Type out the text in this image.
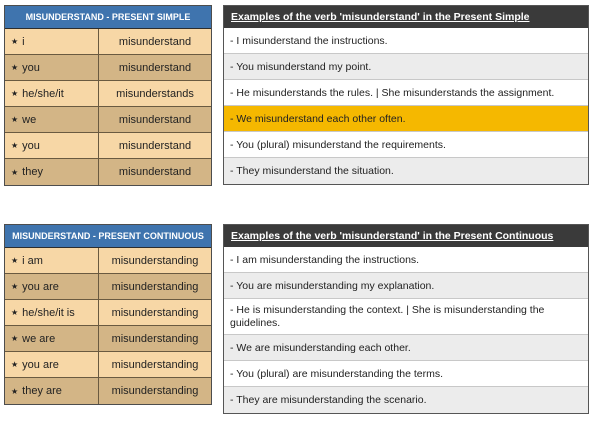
MISUNDERSTAND - PRESENT SIMPLE
★ i	misunderstand
★ you	misunderstand
★ he/she/it	misunderstands
★ we	misunderstand
★ you	misunderstand
★ they	misunderstand
Examples of the verb 'misunderstand' in the Present Simple
- I misunderstand the instructions.
- You misunderstand my point.
- He misunderstands the rules. | She misunderstands the assignment.
- We misunderstand each other often.
- You (plural) misunderstand the requirements.
- They misunderstand the situation.
MISUNDERSTAND - PRESENT CONTINUOUS
★ i am	misunderstanding
★ you are	misunderstanding
★ he/she/it is	misunderstanding
★ we are	misunderstanding
★ you are	misunderstanding
★ they are	misunderstanding
Examples of the verb 'misunderstand' in the Present Continuous
- I am misunderstanding the instructions.
- You are misunderstanding my explanation.
- He is misunderstanding the context. | She is misunderstanding the guidelines.
- We are misunderstanding each other.
- You (plural) are misunderstanding the terms.
- They are misunderstanding the scenario.
